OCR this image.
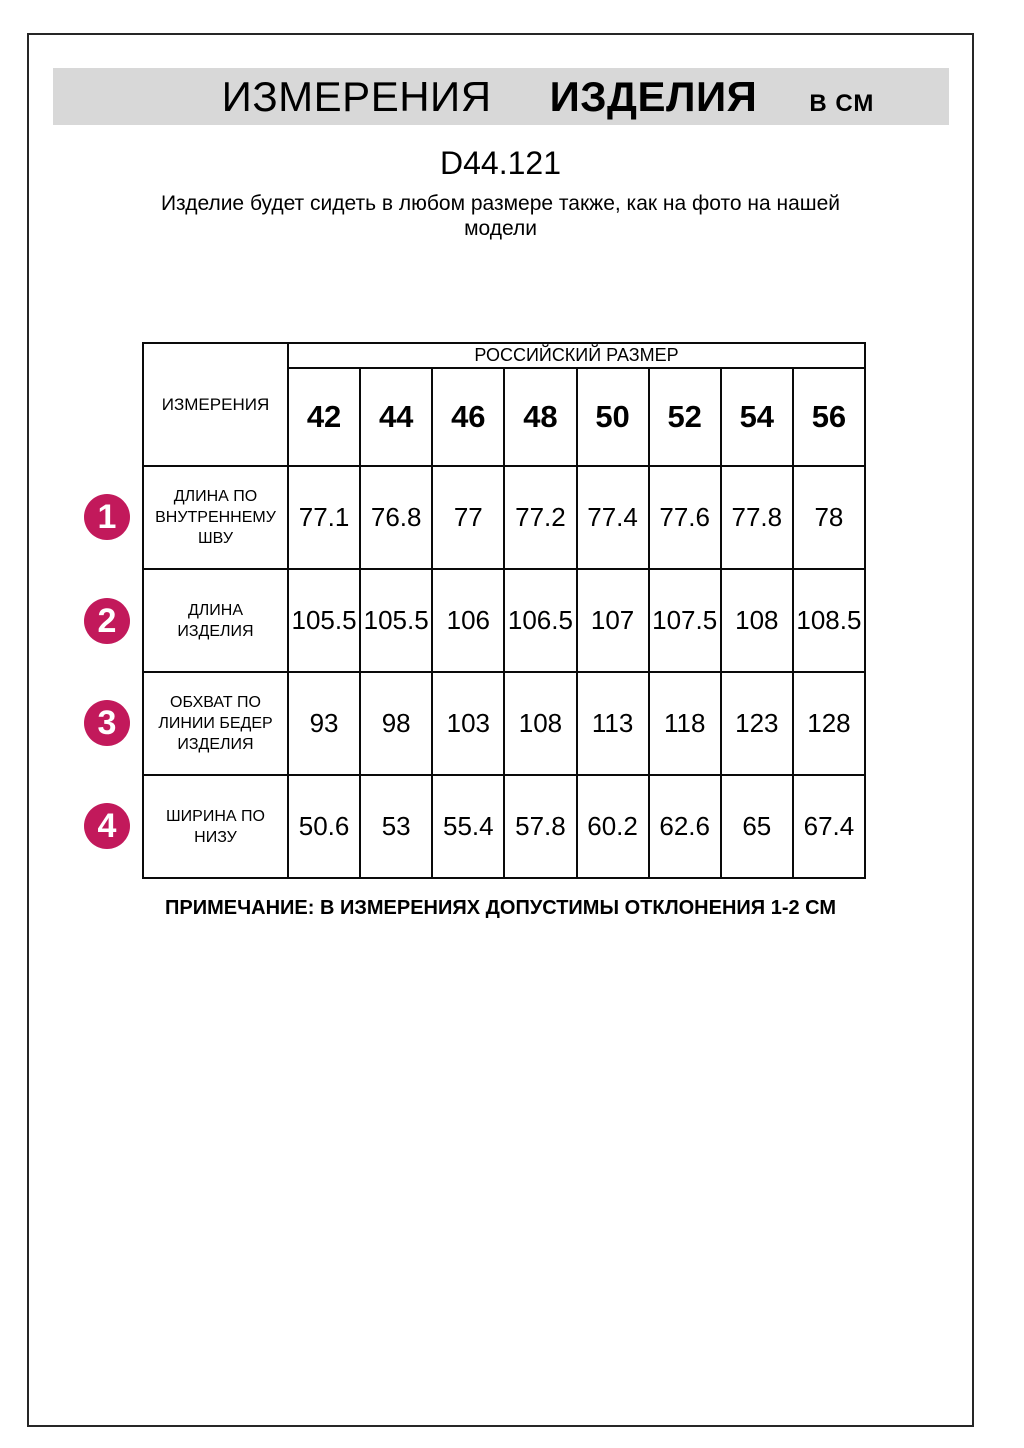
ИЗМЕРЕНИЯ ИЗДЕЛИЯ В СМ
D44.121
Изделие будет сидеть в любом размере также, как на фото на нашей модели
ИЗМЕРЕНИЯ	РОССИЙСКИЙ РАЗМЕР							
	42	44	46	48	50	52	54	56
ДЛИНА ПО ВНУТРЕННЕМУ ШВУ	77.1	76.8	77	77.2	77.4	77.6	77.8	78
ДЛИНА ИЗДЕЛИЯ	105.5	105.5	106	106.5	107	107.5	108	108.5
ОБХВАТ ПО ЛИНИИ БЕДЕР ИЗДЕЛИЯ	93	98	103	108	113	118	123	128
ШИРИНА ПО НИЗУ	50.6	53	55.4	57.8	60.2	62.6	65	67.4
1
2
3
4
ПРИМЕЧАНИЕ: В ИЗМЕРЕНИЯХ ДОПУСТИМЫ ОТКЛОНЕНИЯ 1-2 СМ
